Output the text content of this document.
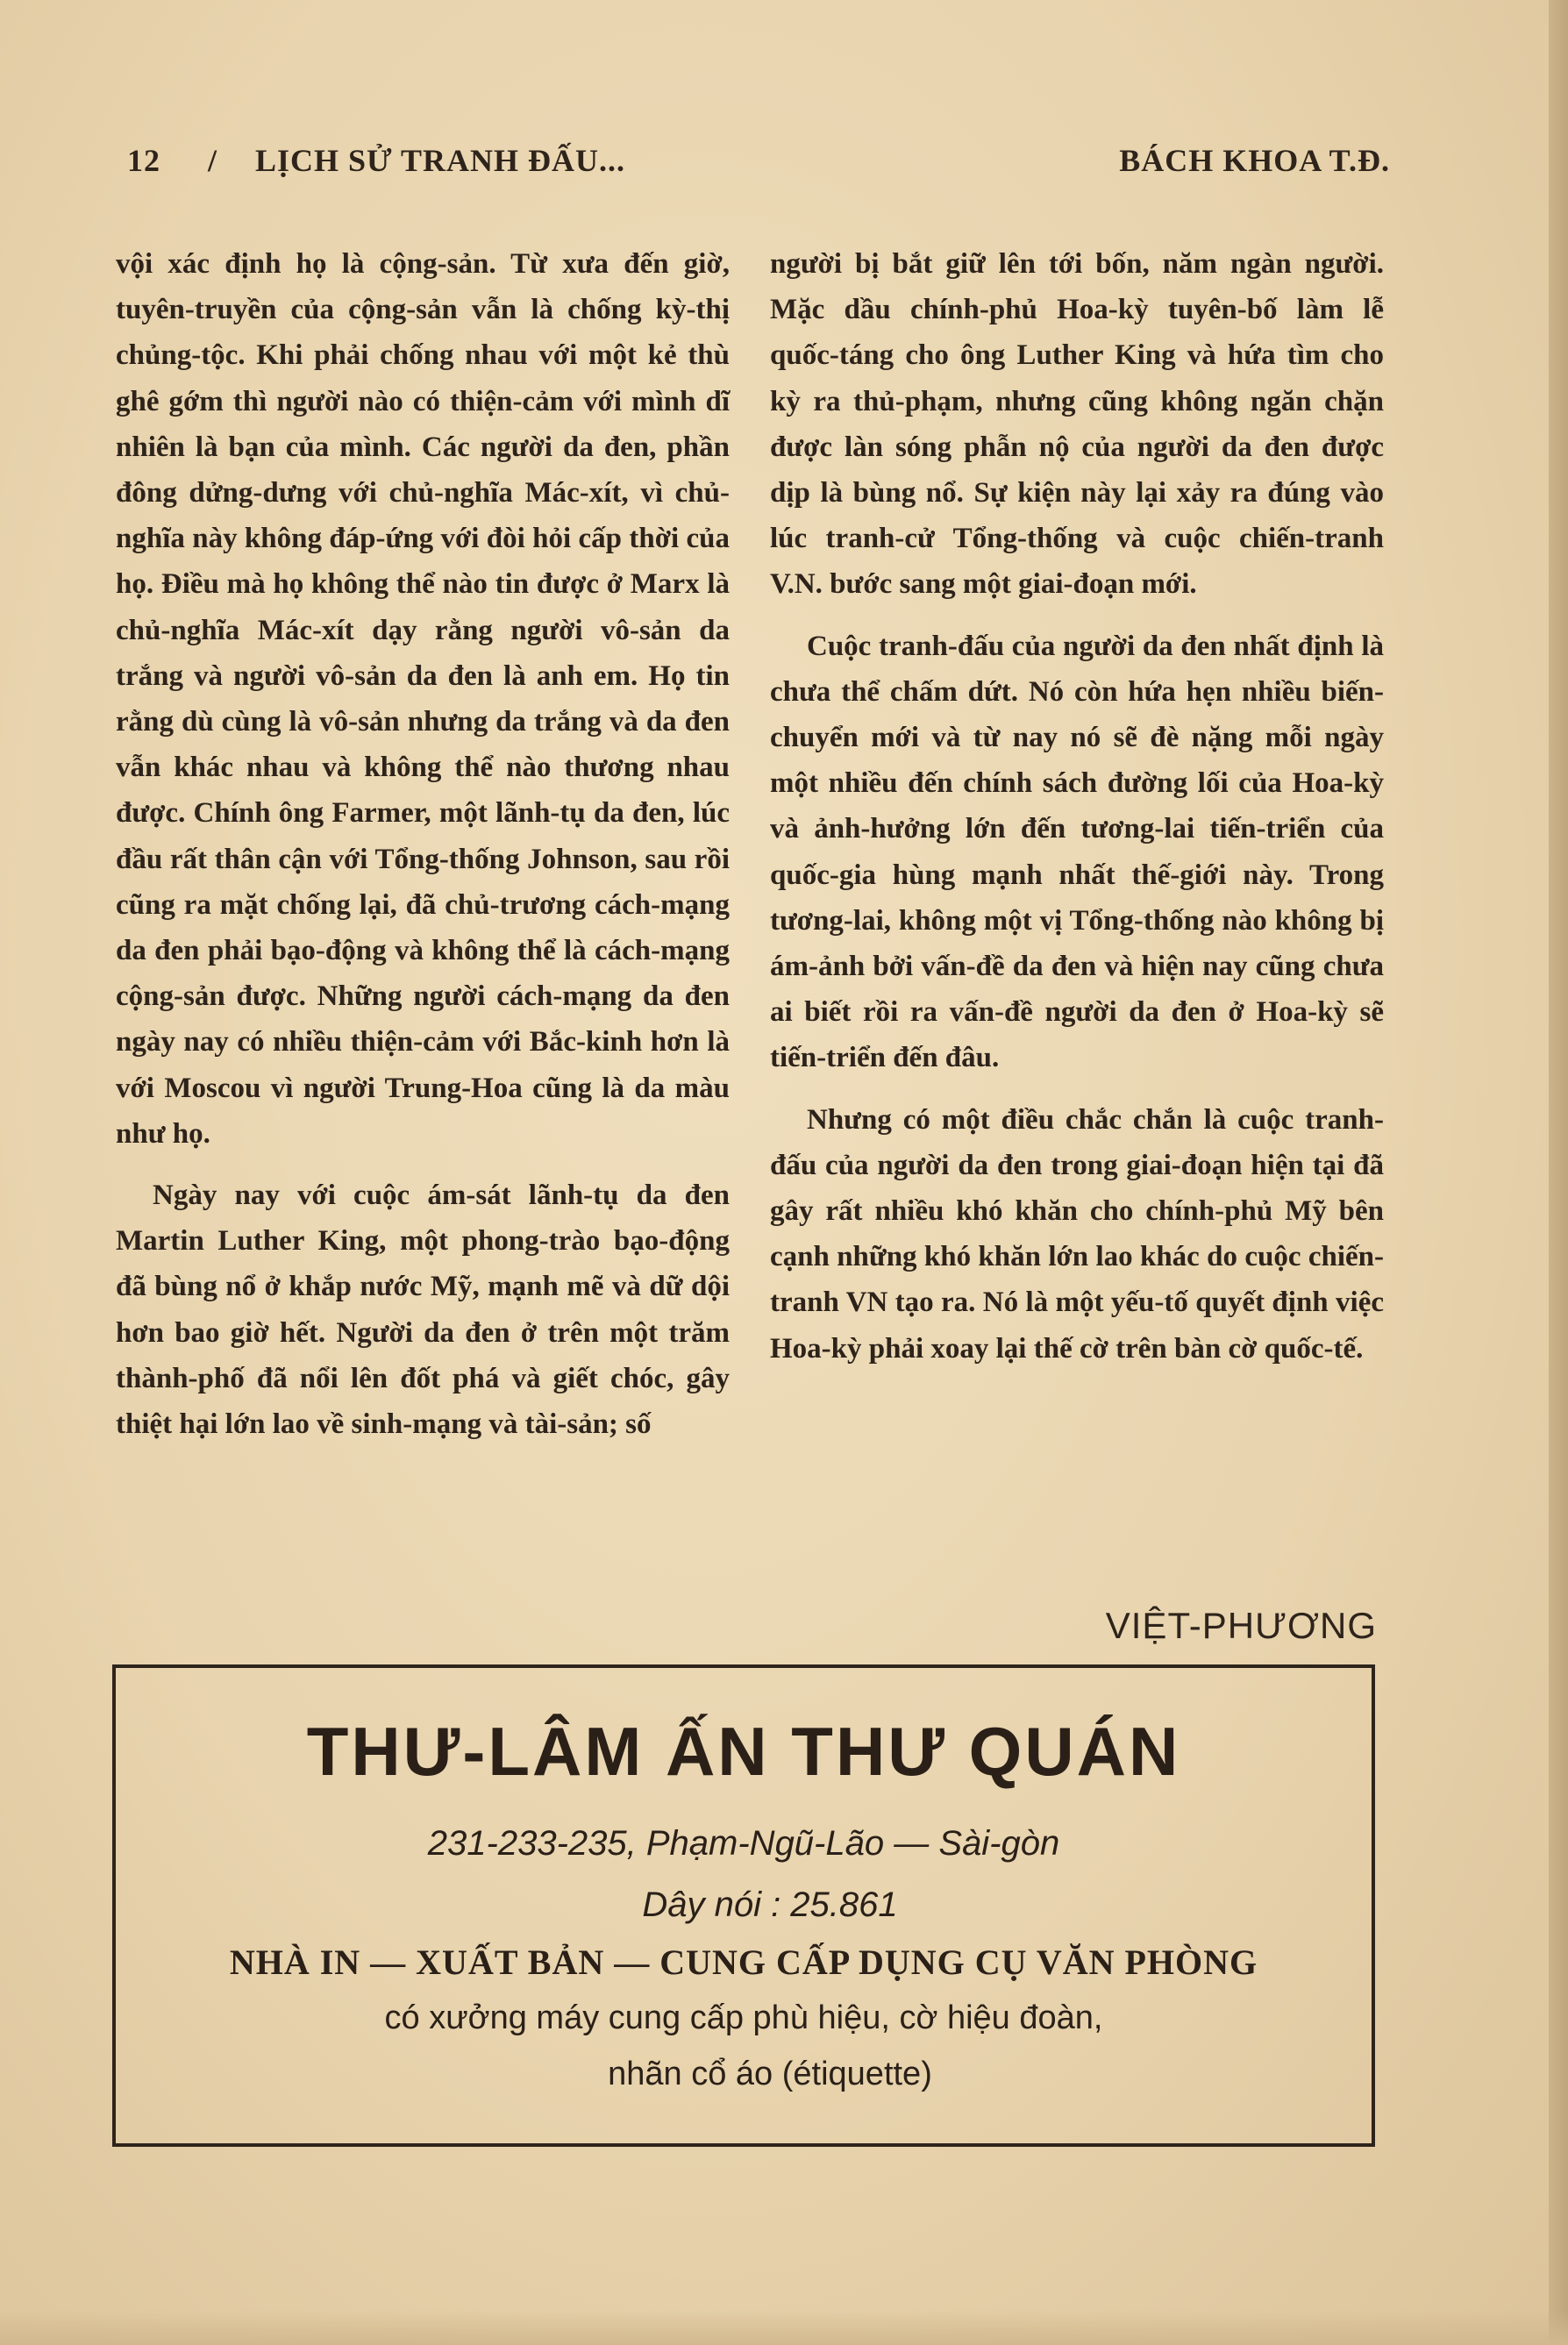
12 / LỊCH SỬ TRANH ĐẤU...	BÁCH KHOA T.Đ.

vội xác định họ là cộng-sản. Từ xưa đến giờ, tuyên-truyền của cộng-sản vẫn là chống kỳ-thị chủng-tộc. Khi phải chống nhau với một kẻ thù ghê gớm thì người nào có thiện-cảm với mình dĩ nhiên là bạn của mình. Các người da đen, phần đông dửng-dưng với chủ-nghĩa Mác-xít, vì chủ-nghĩa này không đáp-ứng với đòi hỏi cấp thời của họ. Điều mà họ không thể nào tin được ở Marx là chủ-nghĩa Mác-xít dạy rằng người vô-sản da trắng và người vô-sản da đen là anh em. Họ tin rằng dù cùng là vô-sản nhưng da trắng và da đen vẫn khác nhau và không thể nào thương nhau được. Chính ông Farmer, một lãnh-tụ da đen, lúc đầu rất thân cận với Tổng-thống Johnson, sau rồi cũng ra mặt chống lại, đã chủ-trương cách-mạng da đen phải bạo-động và không thể là cách-mạng cộng-sản được. Những người cách-mạng da đen ngày nay có nhiều thiện-cảm với Bắc-kinh hơn là với Moscou vì người Trung-Hoa cũng là da màu như họ.

Ngày nay với cuộc ám-sát lãnh-tụ da đen Martin Luther King, một phong-trào bạo-động đã bùng nổ ở khắp nước Mỹ, mạnh mẽ và dữ dội hơn bao giờ hết. Người da đen ở trên một trăm thành-phố đã nổi lên đốt phá và giết chóc, gây thiệt hại lớn lao về sinh-mạng và tài-sản; số

người bị bắt giữ lên tới bốn, năm ngàn người. Mặc dầu chính-phủ Hoa-kỳ tuyên-bố làm lễ quốc-táng cho ông Luther King và hứa tìm cho kỳ ra thủ-phạm, nhưng cũng không ngăn chặn được làn sóng phẫn nộ của người da đen được dịp là bùng nổ. Sự kiện này lại xảy ra đúng vào lúc tranh-cử Tổng-thống và cuộc chiến-tranh V.N. bước sang một giai-đoạn mới.

Cuộc tranh-đấu của người da đen nhất định là chưa thể chấm dứt. Nó còn hứa hẹn nhiều biến-chuyển mới và từ nay nó sẽ đè nặng mỗi ngày một nhiều đến chính sách đường lối của Hoa-kỳ và ảnh-hưởng lớn đến tương-lai tiến-triển của quốc-gia hùng mạnh nhất thế-giới này. Trong tương-lai, không một vị Tổng-thống nào không bị ám-ảnh bởi vấn-đề da đen và hiện nay cũng chưa ai biết rồi ra vấn-đề người da đen ở Hoa-kỳ sẽ tiến-triển đến đâu.

Nhưng có một điều chắc chắn là cuộc tranh-đấu của người da đen trong giai-đoạn hiện tại đã gây rất nhiều khó khăn cho chính-phủ Mỹ bên cạnh những khó khăn lớn lao khác do cuộc chiến-tranh VN tạo ra. Nó là một yếu-tố quyết định việc Hoa-kỳ phải xoay lại thế cờ trên bàn cờ quốc-tế.

VIỆT-PHƯƠNG
THƯ-LÂM ẤN THƯ QUÁN
231-233-235, Phạm-Ngũ-Lão — Sài-gòn
Dây nói : 25.861
NHÀ IN — XUẤT BẢN — CUNG CẤP DỤNG CỤ VĂN PHÒNG
có xưởng máy cung cấp phù hiệu, cờ hiệu đoàn,
nhãn cổ áo (étiquette)
